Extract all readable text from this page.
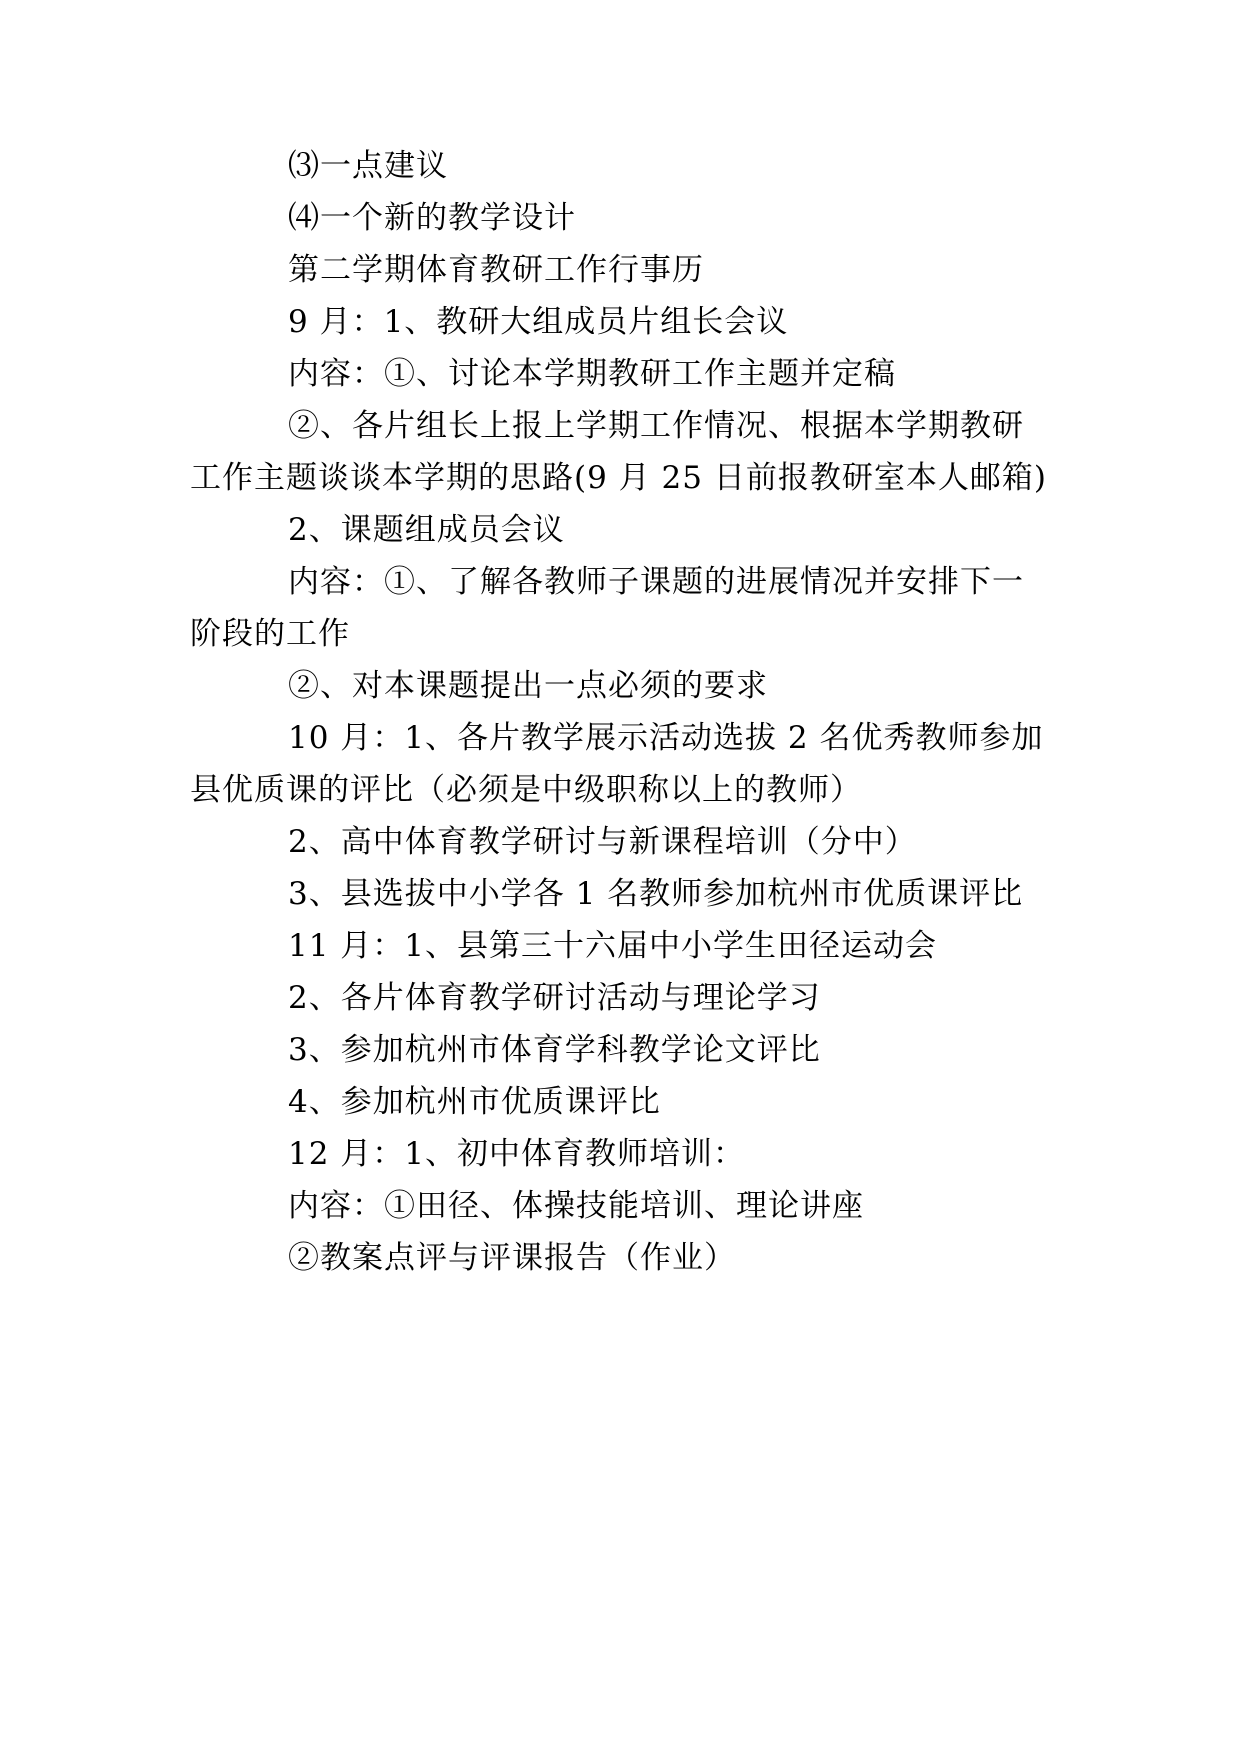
⑶一点建议
⑷一个新的教学设计
第二学期体育教研工作行事历
9 月：1、教研大组成员片组长会议
内容：①、讨论本学期教研工作主题并定稿
②、各片组长上报上学期工作情况、根据本学期教研
工作主题谈谈本学期的思路(9 月 25 日前报教研室本人邮箱)
2、课题组成员会议
内容：①、了解各教师子课题的进展情况并安排下一
阶段的工作
②、对本课题提出一点必须的要求
10 月：1、各片教学展示活动选拔 2 名优秀教师参加
县优质课的评比（必须是中级职称以上的教师）
2、高中体育教学研讨与新课程培训（分中）
3、县选拔中小学各 1 名教师参加杭州市优质课评比
11 月：1、县第三十六届中小学生田径运动会
2、各片体育教学研讨活动与理论学习
3、参加杭州市体育学科教学论文评比
4、参加杭州市优质课评比
12 月：1、初中体育教师培训：
内容：①田径、体操技能培训、理论讲座
②教案点评与评课报告（作业）
